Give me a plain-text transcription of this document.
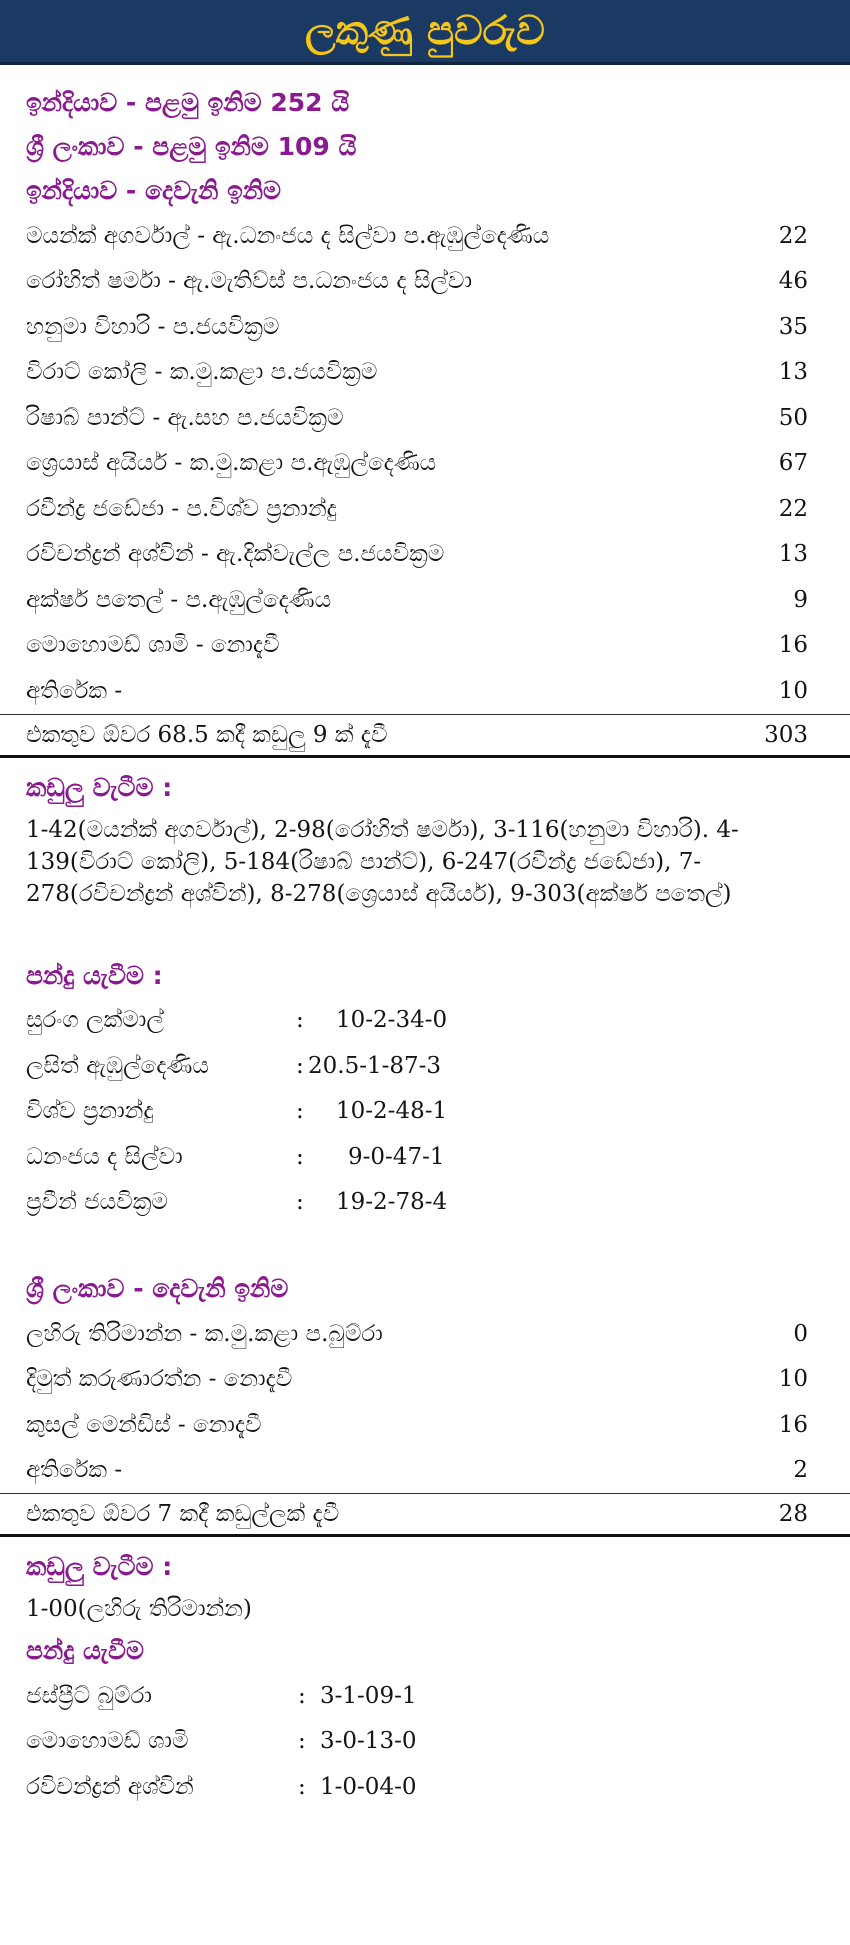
ලකුණු පුවරුව
ඉන්දියාව - පළමු ඉනිම 252 යි
ශ්‍රී ලංකාව - පළමු ඉනිම 109 යි
ඉන්දියාව - දෙවැනි ඉනිම
මයන්ක් අගර්වාල් - ඇ.ධනංජය ද සිල්වා ප.ඇඹුල්දෙණිය	22
රෝහිත් ෂර්මා - ඇ.මැතිව්ස් ප.ධනංජය ද සිල්වා	46
හනුමා විහාරි - ප.ජයවික්‍රම	35
විරාට් කෝලි - ක.මු.කළා ප.ජයවික්‍රම	13
රිෂාබ් පාන්ට් - ඇ.සහ ප.ජයවික්‍රම	50
ශ්‍රෙයාස් අයියර් - ක.මු.කළා ප.ඇඹුල්දෙණිය	67
රවීන්ද්‍ර ජඩේජා - ප.විශ්ව ප්‍රනාන්දු	22
රවිචන්ද්‍රන් අශ්වින් - ඇ.දික්වැල්ල ප.ජයවික්‍රම	13
අක්ෂර් පතෙල් - ප.ඇඹුල්දෙණිය	9
මොහොමඩ් ශාමි - නොදැවී	16
අතිරේක -	10
එකතුව ඕවර 68.5 කදී කඩුලු 9 ක් දැවී	303
කඩුලු වැටීම :
1-42(මයන්ක් අගර්වාල්), 2-98(රෝහිත් ෂර්මා), 3-116(හනුමා විහාරි). 4-139(විරාට් කෝලි), 5-184(රිෂාබ් පාන්ට්), 6-247(රවීන්ද්‍ර ජඩේජා), 7-278(රවිචන්ද්‍රන් අශ්වින්), 8-278(ශ්‍රෙයාස් අයියර්), 9-303(අක්ෂර් පතෙල්)
පන්දු යැවීම :
සුරංග ලක්මාල්	:	10-2-34-0
ලසිත් ඇඹුල්දෙණිය	: 20.5-1-87-3
විශ්ව ප්‍රනාන්දු	:	10-2-48-1
ධනංජය ද සිල්වා	:	9-0-47-1
ප්‍රවීන් ජයවික්‍රම	:	19-2-78-4
ශ්‍රී ලංකාව - දෙවැනි ඉනිම
ලහිරු තිරිමාන්න - ක.මු.කළා ප.බුම්රා	0
දිමුත් කරුණාරත්න - නොදැවී	10
කුසල් මෙන්ඩිස් - නොදැවී	16
අතිරේක -	2
එකතුව ඕවර 7 කදී කඩුල්ලක් දැවී	28
කඩුලු වැටීම :
1-00(ලහිරු තිරිමාන්න)
පන්දු යැවීම
ජස්ප්‍රීට් බුම්රා	: 3-1-09-1
මොහොමඩ් ශාමි	: 3-0-13-0
රවිචන්ද්‍රන් අශ්වින්	: 1-0-04-0
